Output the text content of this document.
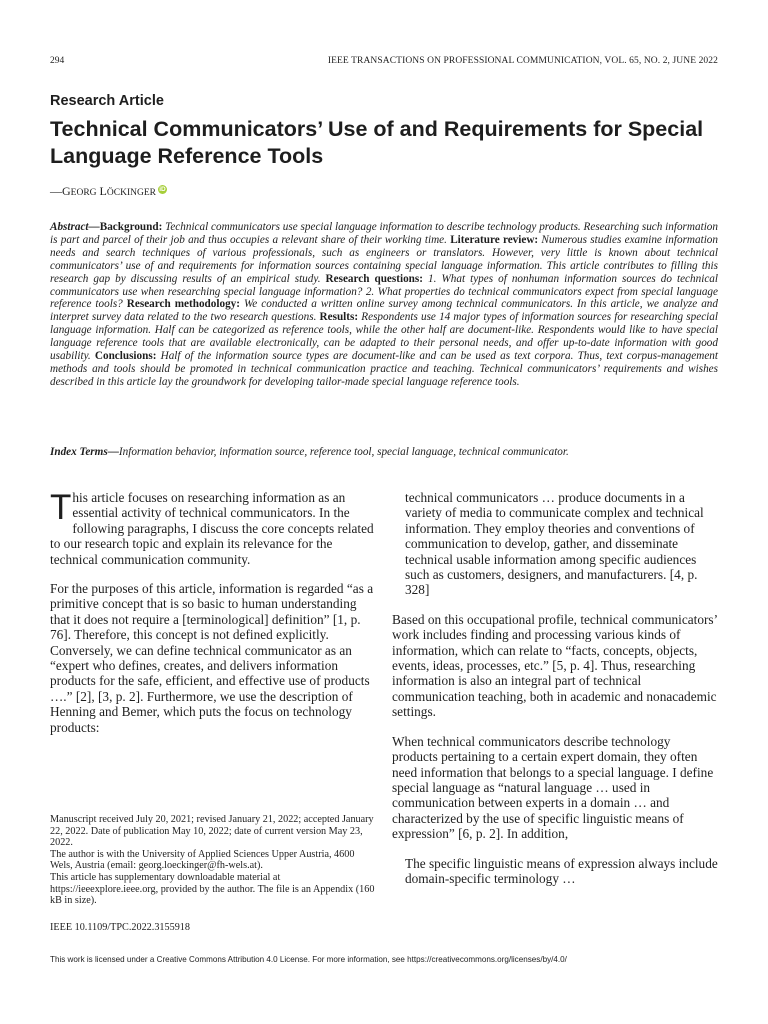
294	IEEE TRANSACTIONS ON PROFESSIONAL COMMUNICATION, VOL. 65, NO. 2, JUNE 2022
Research Article
Technical Communicators’ Use of and Requirements for Special Language Reference Tools
—GEORG LÖCKINGER iD

Abstract—Background: Technical communicators use special language information to describe technology products. Researching such information is part and parcel of their job and thus occupies a relevant share of their working time. Literature review: Numerous studies examine information needs and search techniques of various professionals, such as engineers or translators. However, very little is known about technical communicators’ use of and requirements for information sources containing special language information. This article contributes to filling this research gap by discussing results of an empirical study. Research questions: 1. What types of nonhuman information sources do technical communicators use when researching special language information? 2. What properties do technical communicators expect from special language reference tools? Research methodology: We conducted a written online survey among technical communicators. In this article, we analyze and interpret survey data related to the two research questions. Results: Respondents use 14 major types of information sources for researching special language information. Half can be categorized as reference tools, while the other half are document-like. Respondents would like to have special language reference tools that are available electronically, can be adapted to their personal needs, and offer up-to-date information with good usability. Conclusions: Half of the information source types are document-like and can be used as text corpora. Thus, text corpus-management methods and tools should be promoted in technical communication practice and teaching. Technical communicators’ requirements and wishes described in this article lay the groundwork for developing tailor-made special language reference tools.

Index Terms—Information behavior, information source, reference tool, special language, technical communicator.

This article focuses on researching information as an essential activity of technical communicators. In the following paragraphs, I discuss the core concepts related to our research topic and explain its relevance for the technical communication community.

For the purposes of this article, information is regarded “as a primitive concept that is so basic to human understanding that it does not require a [terminological] definition” [1, p. 76]. Therefore, this concept is not defined explicitly. Conversely, we can define technical communicator as an “expert who defines, creates, and delivers information products for the safe, efficient, and effective use of products ….” [2], [3, p. 2]. Furthermore, we use the description of Henning and Bemer, which puts the focus on technology products:

technical communicators … produce documents in a variety of media to communicate complex and technical information. They employ theories and conventions of communication to develop, gather, and disseminate technical usable information among specific audiences such as customers, designers, and manufacturers. [4, p. 328]

Based on this occupational profile, technical communicators’ work includes finding and processing various kinds of information, which can relate to “facts, concepts, objects, events, ideas, processes, etc.” [5, p. 4]. Thus, researching information is also an integral part of technical communication teaching, both in academic and nonacademic settings.

When technical communicators describe technology products pertaining to a certain expert domain, they often need information that belongs to a special language. I define special language as “natural language … used in communication between experts in a domain … and characterized by the use of specific linguistic means of expression” [6, p. 2]. In addition,

The specific linguistic means of expression always include domain-specific terminology …

Manuscript received July 20, 2021; revised January 21, 2022; accepted January 22, 2022. Date of publication May 10, 2022; date of current version May 23, 2022.
The author is with the University of Applied Sciences Upper Austria, 4600 Wels, Austria (email: georg.loeckinger@fh-wels.at).
This article has supplementary downloadable material at https://ieeexplore.ieee.org, provided by the author. The file is an Appendix (160 kB in size).

IEEE 10.1109/TPC.2022.3155918
This work is licensed under a Creative Commons Attribution 4.0 License. For more information, see https://creativecommons.org/licenses/by/4.0/
